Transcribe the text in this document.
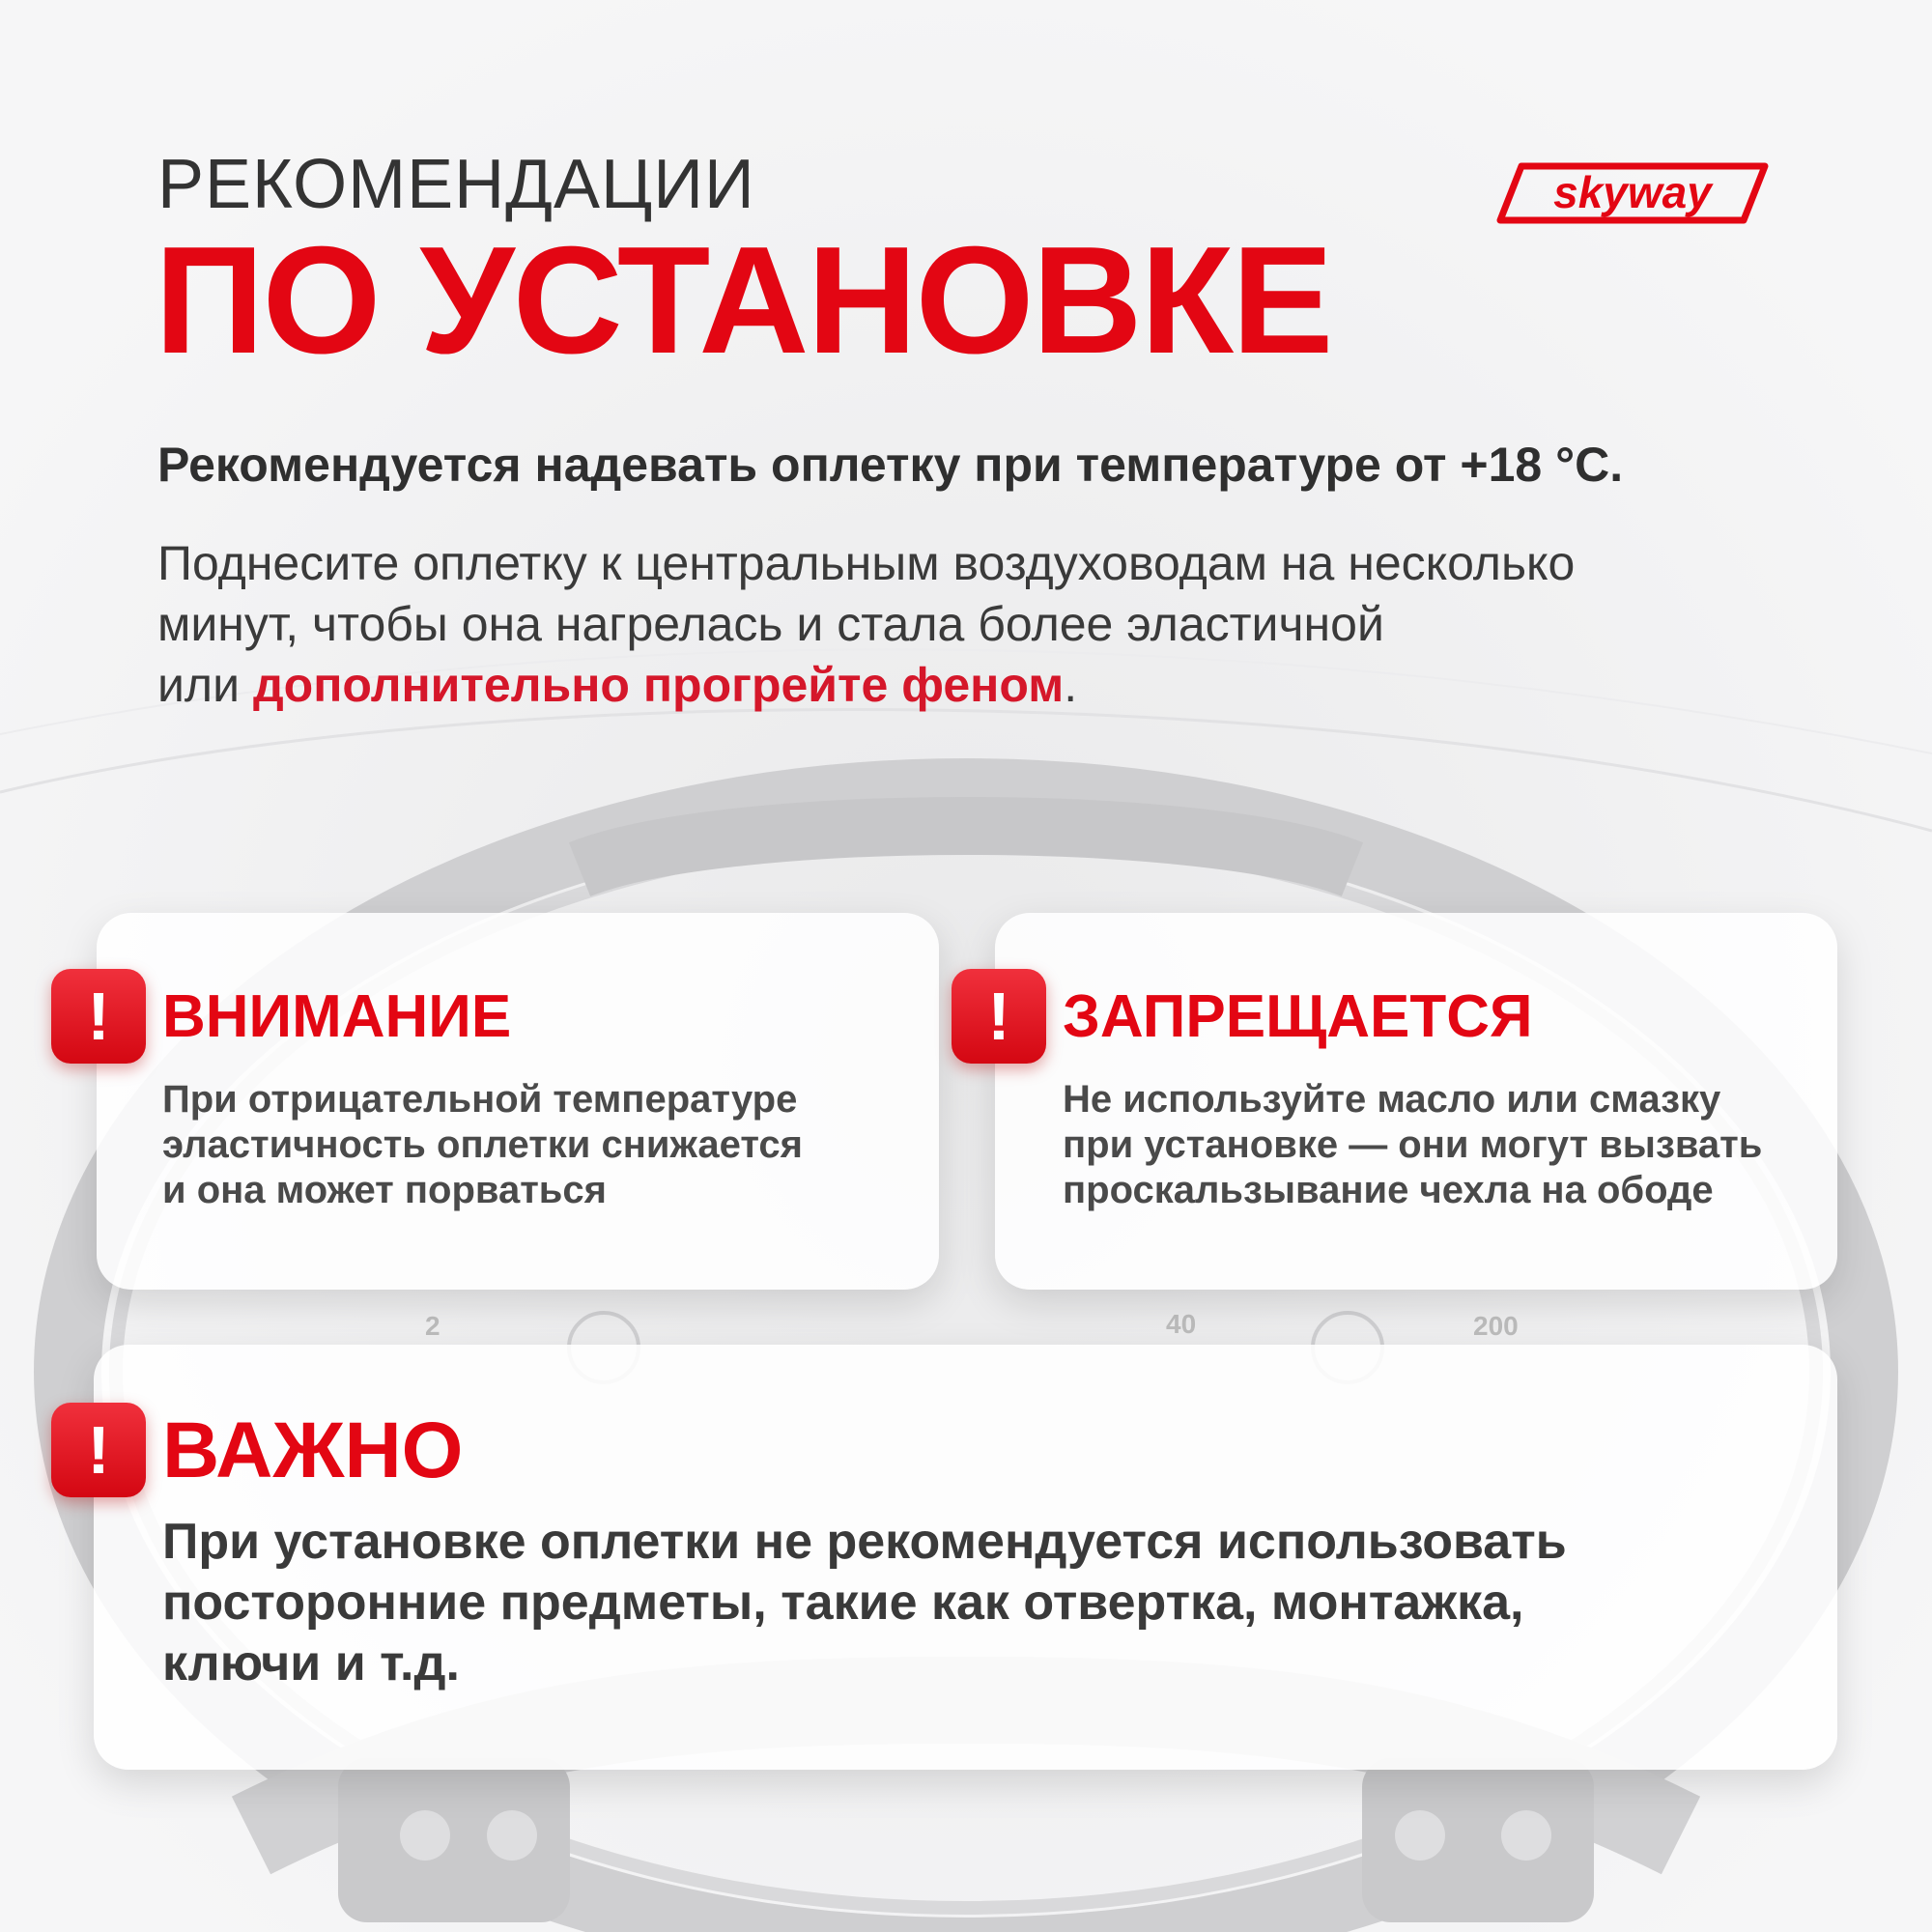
2	40	200
РЕКОМЕНДАЦИИ
ПО УСТАНОВКЕ
skyway
Рекомендуется надевать оплетку при температуре от +18 °C.
Поднесите оплетку к центральным воздуховодам на несколько
минут, чтобы она нагрелась и стала более эластичной
или дополнительно прогрейте феном.
! ВНИМАНИЕ
При отрицательной температуре
эластичность оплетки снижается
и она может порваться
! ЗАПРЕЩАЕТСЯ
Не используйте масло или смазку
при установке — они могут вызвать
проскальзывание чехла на ободе
! ВАЖНО
При установке оплетки не рекомендуется использовать
посторонние предметы, такие как отвертка, монтажка,
ключи и т.д.
